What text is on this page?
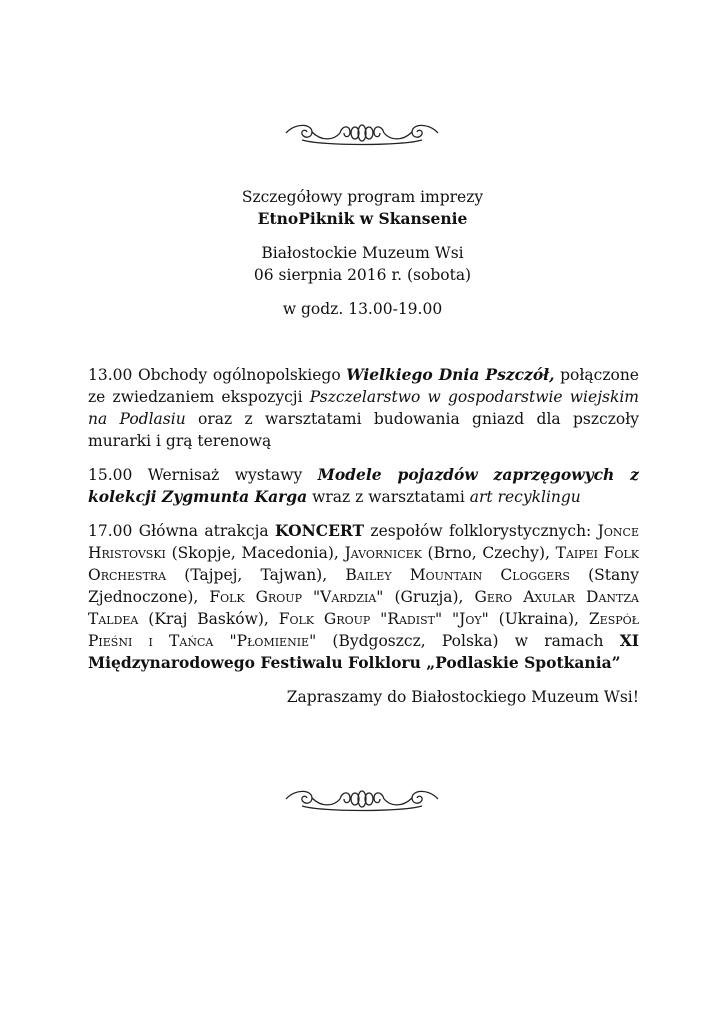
Szczegółowy program imprezy
EtnoPiknik w Skansenie
Białostockie Muzeum Wsi
06 sierpnia 2016 r. (sobota)
w godz. 13.00-19.00

13.00 Obchody ogólnopolskiego Wielkiego Dnia Pszczół, połączone ze zwiedzaniem ekspozycji Pszczelarstwo w gospodarstwie wiejskim na Podlasiu oraz z warsztatami budowania gniazd dla pszczoły murarki i grą terenową

15.00 Wernisaż wystawy Modele pojazdów zaprzęgowych z kolekcji Zygmunta Karga wraz z warsztatami art recyklingu

17.00 Główna atrakcja KONCERT zespołów folklorystycznych: Jonce Hristovski (Skopje, Macedonia), Javornicek (Brno, Czechy), Taipei Folk Orchestra (Tajpej, Tajwan), Bailey Mountain Cloggers (Stany Zjednoczone), Folk Group "Vardzia" (Gruzja), Gero Axular Dantza Taldea (Kraj Basków), Folk Group "Radist" "Joy" (Ukraina), Zespół Pieśni i Tańca "Płomienie" (Bydgoszcz, Polska) w ramach XI Międzynarodowego Festiwalu Folkloru „Podlaskie Spotkania”

Zapraszamy do Białostockiego Muzeum Wsi!
